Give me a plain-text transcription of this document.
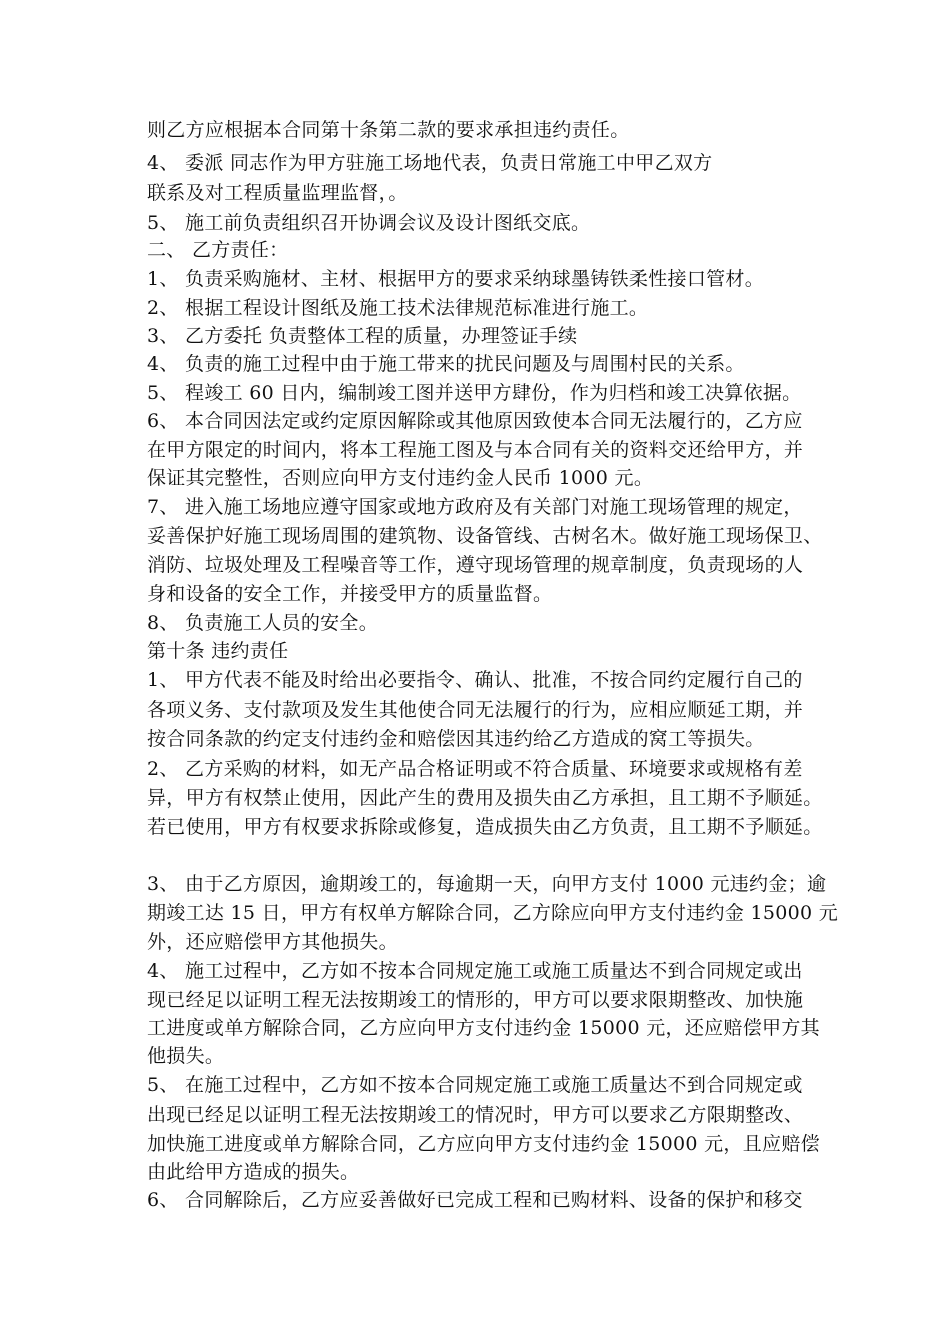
则乙方应根据本合同第十条第二款的要求承担违约责任。
4、 委派 同志作为甲方驻施工场地代表，负责日常施工中甲乙双方
联系及对工程质量监理监督，。
5、 施工前负责组织召开协调会议及设计图纸交底。
二、 乙方责任：
1、 负责采购施材、主材、根据甲方的要求采纳球墨铸铁柔性接口管材。
2、 根据工程设计图纸及施工技术法律规范标准进行施工。
3、 乙方委托 负责整体工程的质量，办理签证手续
4、 负责的施工过程中由于施工带来的扰民问题及与周围村民的关系。
5、 程竣工 60 日内，编制竣工图并送甲方肆份，作为归档和竣工决算依据。
6、 本合同因法定或约定原因解除或其他原因致使本合同无法履行的，乙方应
在甲方限定的时间内，将本工程施工图及与本合同有关的资料交还给甲方，并
保证其完整性，否则应向甲方支付违约金人民币 1000 元。
7、 进入施工场地应遵守国家或地方政府及有关部门对施工现场管理的规定，
妥善保护好施工现场周围的建筑物、设备管线、古树名木。做好施工现场保卫、
消防、垃圾处理及工程噪音等工作，遵守现场管理的规章制度，负责现场的人
身和设备的安全工作，并接受甲方的质量监督。
8、 负责施工人员的安全。
第十条 违约责任
1、 甲方代表不能及时给出必要指令、确认、批准，不按合同约定履行自己的
各项义务、支付款项及发生其他使合同无法履行的行为，应相应顺延工期，并
按合同条款的约定支付违约金和赔偿因其违约给乙方造成的窝工等损失。
2、 乙方采购的材料，如无产品合格证明或不符合质量、环境要求或规格有差
异，甲方有权禁止使用，因此产生的费用及损失由乙方承担，且工期不予顺延。
若已使用，甲方有权要求拆除或修复，造成损失由乙方负责，且工期不予顺延。
3、 由于乙方原因，逾期竣工的，每逾期一天，向甲方支付 1000 元违约金；逾
期竣工达 15 日，甲方有权单方解除合同，乙方除应向甲方支付违约金 15000 元
外，还应赔偿甲方其他损失。
4、 施工过程中，乙方如不按本合同规定施工或施工质量达不到合同规定或出
现已经足以证明工程无法按期竣工的情形的，甲方可以要求限期整改、加快施
工进度或单方解除合同，乙方应向甲方支付违约金 15000 元，还应赔偿甲方其
他损失。
5、 在施工过程中，乙方如不按本合同规定施工或施工质量达不到合同规定或
出现已经足以证明工程无法按期竣工的情况时，甲方可以要求乙方限期整改、
加快施工进度或单方解除合同，乙方应向甲方支付违约金 15000 元，且应赔偿
由此给甲方造成的损失。
6、 合同解除后，乙方应妥善做好已完成工程和已购材料、设备的保护和移交
